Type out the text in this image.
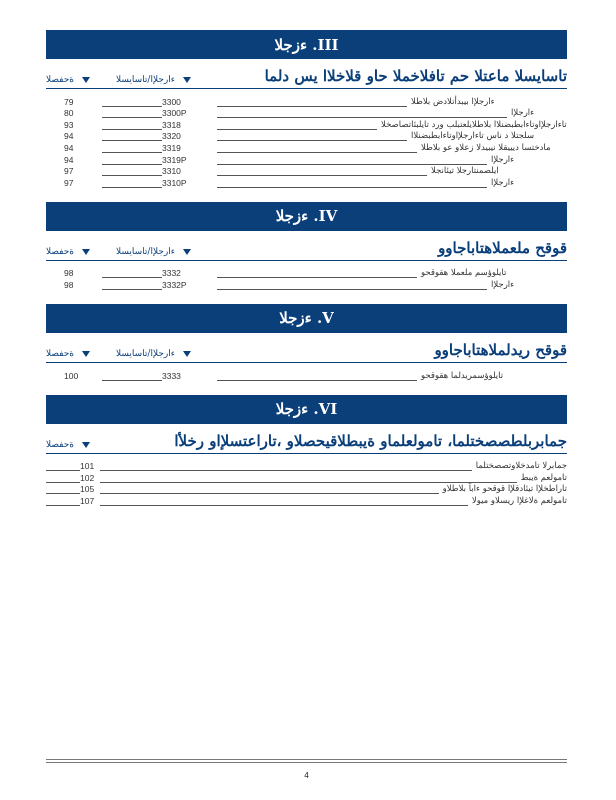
III. ءزجلا
ةحفصلا	ءارجلإا/تاسايسلا	تاسايسلا ماعتلا حم تافلاخملا حاو قلاخلاا يس دلما
79	3300	ءارجلإا بيبدأتلادض بلاطلا
80	3300P	ءارجلإا
93	3318	تاءارجلإاوتاءابطبضنلاا بلاطلايلعتبلب ورد تايلبئاتصاصخلا
94	3320	سلجتلا د ناس تاءارجلإاوتاءابطبضنلاا
94	3319	مادختسا ديييقلا نيبيدلا زعلاو عو بلاطلا
94	3319P	ءارجلإا
97	3310	ايلصمنتارجلا تيئانجلا
97	3310P	ءارجلإا
IV. ءزجلا
ةحفصلا	ءارجلإا/تاسايسلا	قوقح ملعملاهتاباجاوو
98	3332	تايلوؤسم ملعملا هقوقحو
98	3332P	ءارجلإا
V. ءزجلا
ةحفصلا	ءارجلإا/تاسايسلا	قوقح ريدلملاهتاباجاوو
100	3333	تايلوؤسمريدلما هقوقحو
VI. ءزجلا
ةحفصلا	جمابربلطصصختلما، تامولعلماو ةيبطلاقيحصلاو ،تاراعتسلإاو رخلأا
101	جمابرلا تامدخلاوتصصختلما
102	تامولعم ةيبط
105	تاراطخلإا تيئادقلإا قوقحو ءابآ بلاطلاو
107	تامولعم ةلاغلإا ريسلاو ميولا
4
